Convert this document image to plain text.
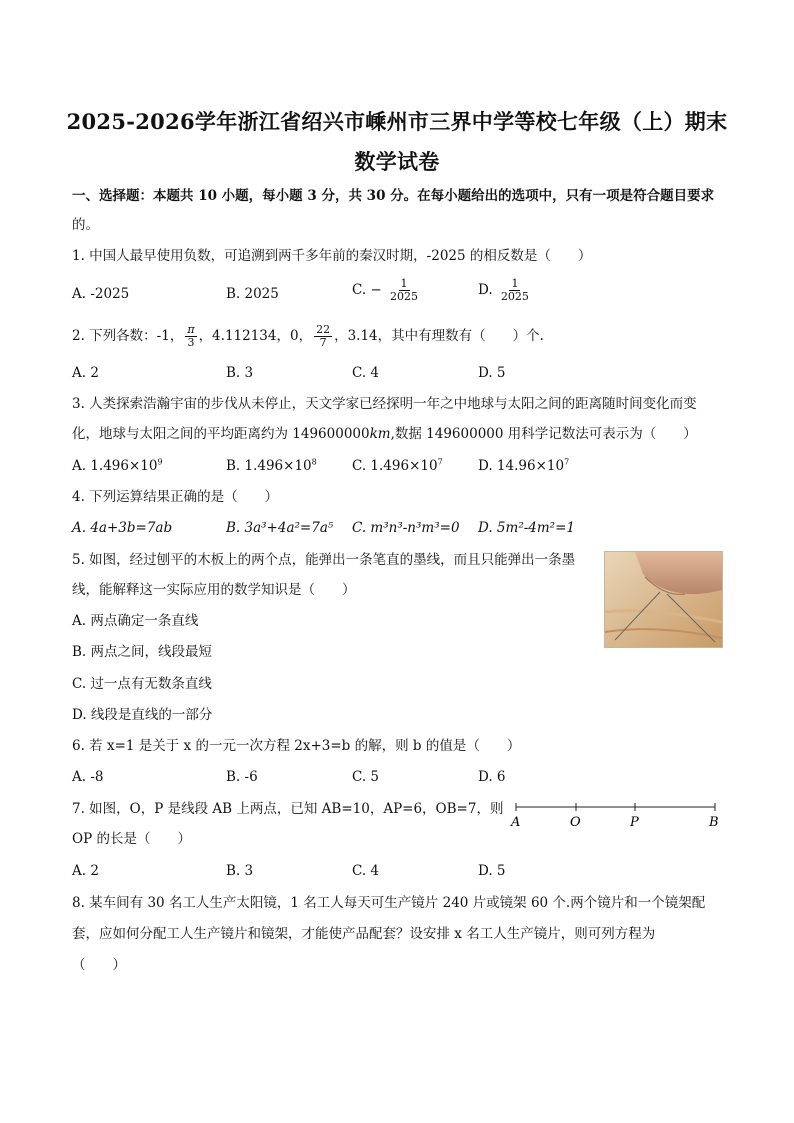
2025-2026学年浙江省绍兴市嵊州市三界中学等校七年级（上）期末
数学试卷
一、选择题：本题共 10 小题，每小题 3 分，共 30 分。在每小题给出的选项中，只有一项是符合题目要求
的。
1. 中国人最早使用负数，可追溯到两千多年前的秦汉时期，-2025 的相反数是（　　）
A. -2025	B. 2025	C. − $\frac{1}{2025}$	D. $\frac{1}{2025}$
2. 下列各数：-1， $\frac{\pi}{3}$ ，4.112134，0， $\frac{22}{7}$ ，3.14，其中有理数有（　　）个.
A. 2	B. 3	C. 4	D. 5
3. 人类探索浩瀚宇宙的步伐从未停止，天文学家已经探明一年之中地球与太阳之间的距离随时间变化而变
化，地球与太阳之间的平均距离约为 149600000km,数据 149600000 用科学记数法可表示为（　　）
A. $1.496\times 10^9$	B. $1.496\times 10^8$	C. $1.496\times 10^7$	D. $14.96\times 10^7$
4. 下列运算结果正确的是（　　）
A. 4a+3b=7ab	B. 3a³+4a²=7a⁵ C. m³n³-n³m³=0 D. 5m²-4m²=1
5. 如图，经过刨平的木板上的两个点，能弹出一条笔直的墨线，而且只能弹出一条墨
线，能解释这一实际应用的数学知识是（　　）
A. 两点确定一条直线
B. 两点之间，线段最短
C. 过一点有无数条直线
D. 线段是直线的一部分
6. 若 x=1 是关于 x 的一元一次方程 2x+3=b 的解，则 b 的值是（　　）
A. -8	B. -6	C. 5	D. 6
7. 如图，O，P 是线段 AB 上两点，已知 AB=10，AP=6，OB=7，则
OP 的长是（　　）
A. 2	B. 3	C. 4	D. 5
A	O	P	B
8. 某车间有 30 名工人生产太阳镜，1 名工人每天可生产镜片 240 片或镜架 60 个.两个镜片和一个镜架配
套，应如何分配工人生产镜片和镜架，才能使产品配套？设安排 x 名工人生产镜片，则可列方程为
（　　）
